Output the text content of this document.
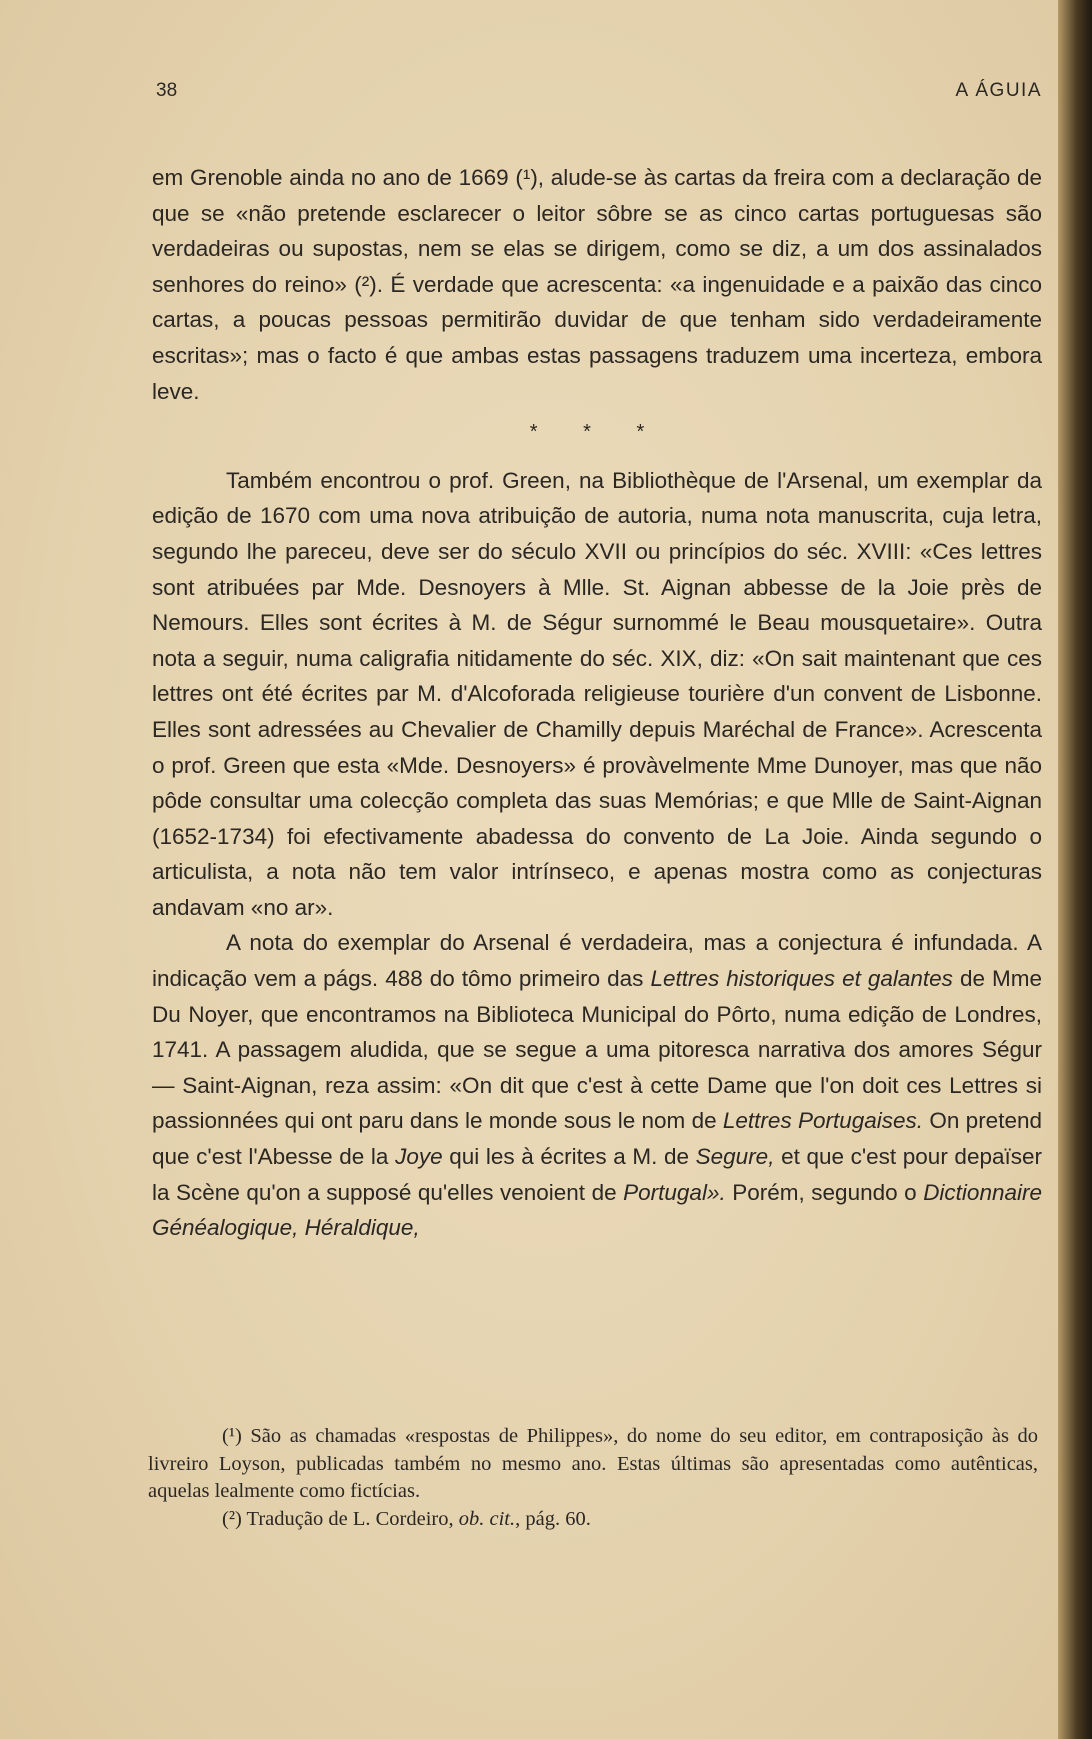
38	A ÁGUIA

em Grenoble ainda no ano de 1669 (¹), alude-se às cartas da freira com a declaração de que se «não pretende esclarecer o leitor sôbre se as cinco cartas portuguesas são verdadeiras ou supostas, nem se elas se dirigem, como se diz, a um dos assinalados senhores do reino» (²). É verdade que acrescenta: «a ingenuidade e a paixão das cinco cartas, a poucas pessoas permitirão duvidar de que tenham sido verdadeiramente escritas»; mas o facto é que ambas estas passagens traduzem uma incerteza, embora leve.

* * *

Também encontrou o prof. Green, na Bibliothèque de l'Arsenal, um exemplar da edição de 1670 com uma nova atribuição de autoria, numa nota manuscrita, cuja letra, segundo lhe pareceu, deve ser do século XVII ou princípios do séc. XVIII: «Ces lettres sont atribuées par Mde. Desnoyers à Mlle. St. Aignan abbesse de la Joie près de Nemours. Elles sont écrites à M. de Ségur surnommé le Beau mousquetaire». Outra nota a seguir, numa caligrafia nitidamente do séc. XIX, diz: «On sait maintenant que ces lettres ont été écrites par M. d'Alcoforada religieuse tourière d'un convent de Lisbonne. Elles sont adressées au Chevalier de Chamilly depuis Maréchal de France». Acrescenta o prof. Green que esta «Mde. Desnoyers» é provàvelmente Mme Dunoyer, mas que não pôde consultar uma colecção completa das suas Memórias; e que Mlle de Saint-Aignan (1652-1734) foi efectivamente abadessa do convento de La Joie. Ainda segundo o articulista, a nota não tem valor intrínseco, e apenas mostra como as conjecturas andavam «no ar».

A nota do exemplar do Arsenal é verdadeira, mas a conjectura é infundada. A indicação vem a págs. 488 do tômo primeiro das Lettres historiques et galantes de Mme Du Noyer, que encontramos na Biblioteca Municipal do Pôrto, numa edição de Londres, 1741. A passagem aludida, que se segue a uma pitoresca narrativa dos amores Ségur — Saint-Aignan, reza assim: «On dit que c'est à cette Dame que l'on doit ces Lettres si passionnées qui ont paru dans le monde sous le nom de Lettres Portugaises. On pretend que c'est l'Abesse de la Joye qui les à écrites a M. de Segure, et que c'est pour depaïser la Scène qu'on a supposé qu'elles venoient de Portugal». Porém, segundo o Dictionnaire Généalogique, Héraldique,

(¹) São as chamadas «respostas de Philippes», do nome do seu editor, em contraposição às do livreiro Loyson, publicadas também no mesmo ano. Estas últimas são apresentadas como autênticas, aquelas lealmente como fictícias.

(²) Tradução de L. Cordeiro, ob. cit., pág. 60.
